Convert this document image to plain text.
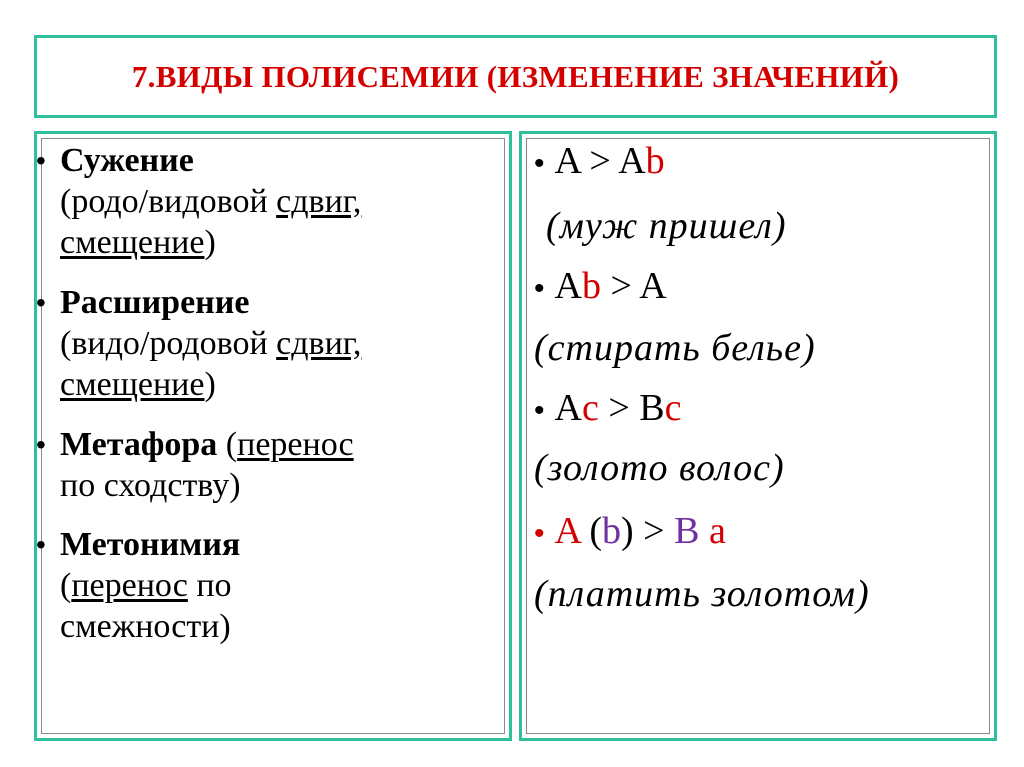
7.ВИДЫ ПОЛИСЕМИИ (ИЗМЕНЕНИЕ ЗНАЧЕНИЙ)
• Сужение
(родо/видовой сдвиг,
смещение)
• Расширение
(видо/родовой сдвиг,
смещение)
• Метафора (перенос
по сходству)
• Метонимия
(перенос по
смежности)
• A > Ab
(муж пришел)
• Ab > A
(стирать белье)
• Ac > Bc
(золото волос)
• A (b) > B a
(платить золотом)
